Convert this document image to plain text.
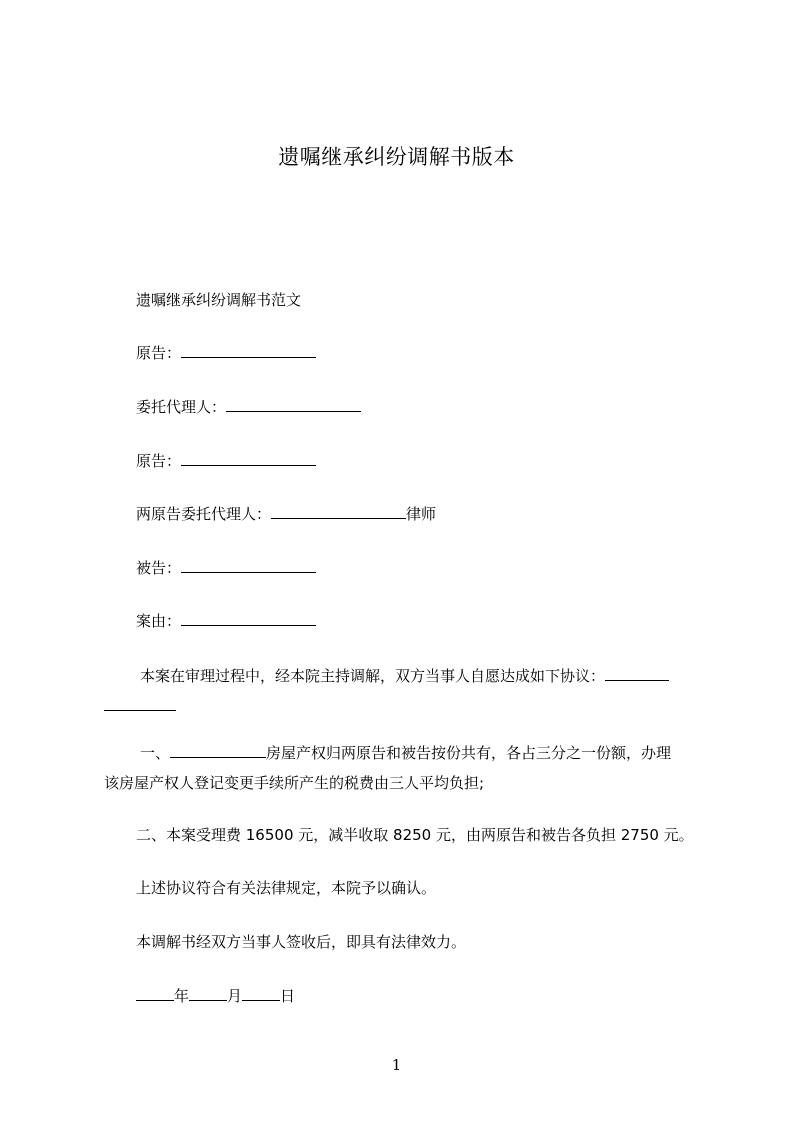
遗嘱继承纠纷调解书版本
遗嘱继承纠纷调解书范文
原告：
委托代理人：
原告：
两原告委托代理人：	律师
被告：
案由：
本案在审理过程中，经本院主持调解，双方当事人自愿达成如下协议：

一、	房屋产权归两原告和被告按份共有，各占三分之一份额，办理
该房屋产权人登记变更手续所产生的税费由三人平均负担;
二、本案受理费 16500 元，减半收取 8250 元，由两原告和被告各负担 2750 元。
上述协议符合有关法律规定，本院予以确认。
本调解书经双方当事人签收后，即具有法律效力。
年	月	日
1
